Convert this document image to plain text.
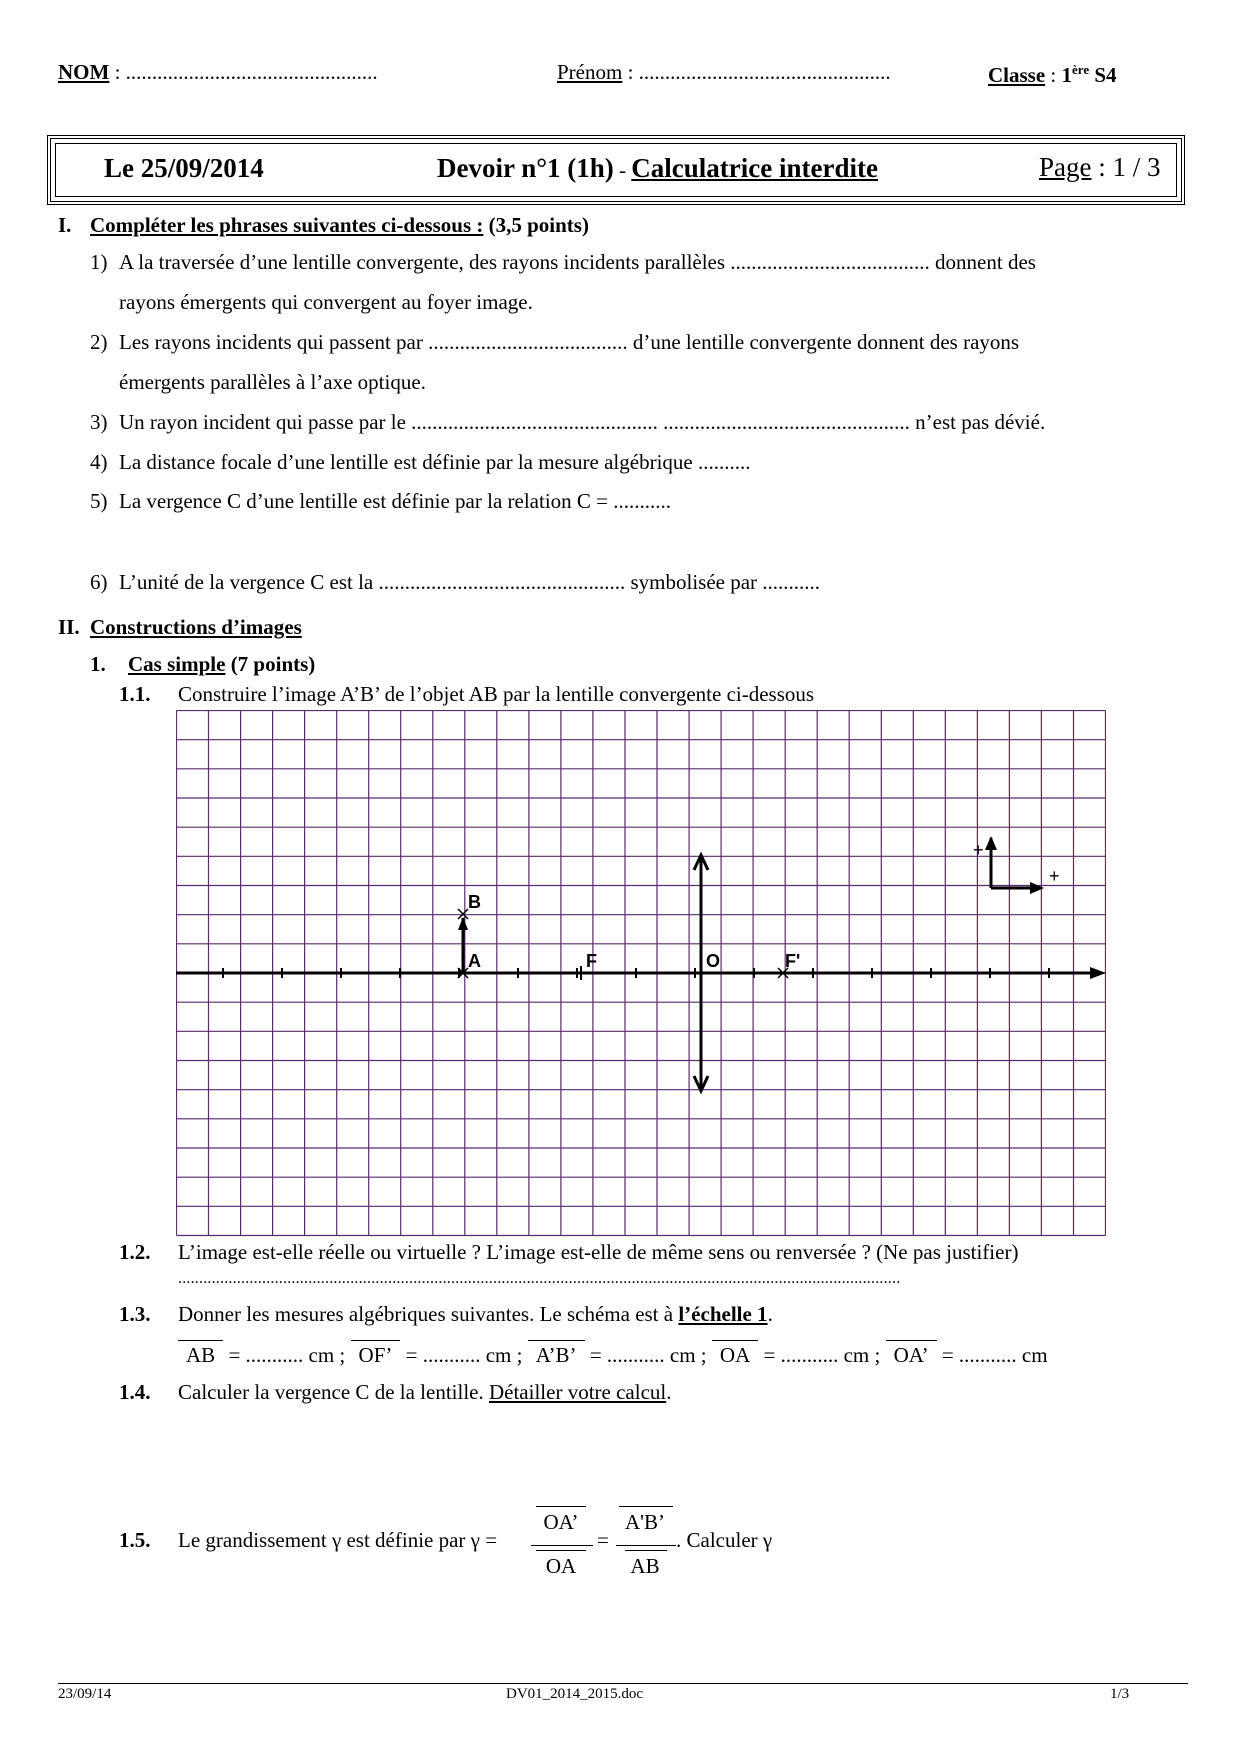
NOM : ................................................	Prénom : ................................................	Classe : 1ère S4
Le 25/09/2014	Devoir n°1 (1h) - Calculatrice interdite	Page : 1 / 3
I. Compléter les phrases suivantes ci-dessous : (3,5 points)
1) A la traversée d’une lentille convergente, des rayons incidents parallèles ...................................... donnent des
rayons émergents qui convergent au foyer image.
2) Les rayons incidents qui passent par ...................................... d’une lentille convergente donnent des rayons
émergents parallèles à l’axe optique.
3) Un rayon incident qui passe par le ............................................... ............................................... n’est pas dévié.
4) La distance focale d’une lentille est définie par la mesure algébrique ..........
5) La vergence C d’une lentille est définie par la relation C = ...........
6) L’unité de la vergence C est la ............................................... symbolisée par ...........
II. Constructions d’images
1. Cas simple (7 points)
1.1. Construire l’image A’B’ de l’objet AB par la lentille convergente ci-dessous
B
A	F	O	F'
+
+
1.2. L’image est-elle réelle ou virtuelle ? L’image est-elle de même sens ou renversée ? (Ne pas justifier)
............................................................................................................................................................................
1.3. Donner les mesures algébriques suivantes. Le schéma est à l’échelle 1.
AB = ........... cm ; OF’ = ........... cm ; A’B’ = ........... cm ; OA = ........... cm ; OA’ = ........... cm
1.4. Calculer la vergence C de la lentille. Détailler votre calcul.
1.5. Le grandissement γ est définie par γ =
OA’
OA
=
A'B’
AB
. Calculer γ
23/09/14	DV01_2014_2015.doc	1/3
